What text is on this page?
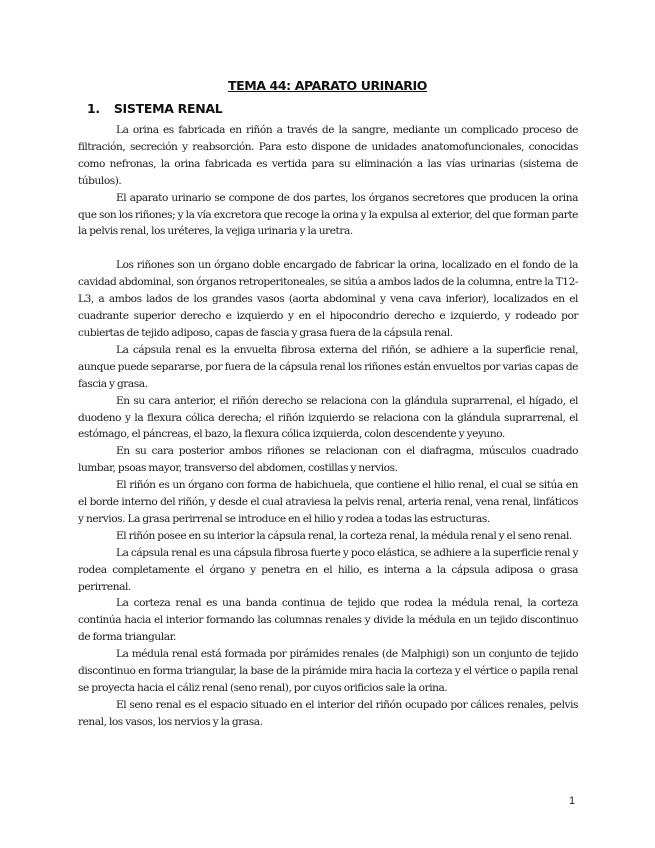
TEMA 44: APARATO URINARIO
1. SISTEMA RENAL

La orina es fabricada en riñón a través de la sangre, mediante un complicado proceso de filtración, secreción y reabsorción. Para esto dispone de unidades anatomofuncionales, conocidas como nefronas, la orina fabricada es vertida para su eliminación a las vías urinarias (sistema de túbulos).

El aparato urinario se compone de dos partes, los órganos secretores que producen la orina que son los riñones; y la vía excretora que recoge la orina y la expulsa al exterior, del que forman parte la pelvis renal, los uréteres, la vejiga urinaria y la uretra.

Los riñones son un órgano doble encargado de fabricar la orina, localizado en el fondo de la cavidad abdominal, son órganos retroperitoneales, se sitúa a ambos lados de la columna, entre la T12-L3, a ambos lados de los grandes vasos (aorta abdominal y vena cava inferior), localizados en el cuadrante superior derecho e izquierdo y en el hipocondrio derecho e izquierdo, y rodeado por cubiertas de tejido adiposo, capas de fascia y grasa fuera de la cápsula renal.

La cápsula renal es la envuelta fibrosa externa del riñón, se adhiere a la superficie renal, aunque puede separarse, por fuera de la cápsula renal los riñones están envueltos por varias capas de fascia y grasa.

En su cara anterior, el riñón derecho se relaciona con la glándula suprarrenal, el hígado, el duodeno y la flexura cólica derecha; el riñón izquierdo se relaciona con la glándula suprarrenal, el estómago, el páncreas, el bazo, la flexura cólica izquierda, colon descendente y yeyuno.

En su cara posterior ambos riñones se relacionan con el diafragma, músculos cuadrado lumbar, psoas mayor, transverso del abdomen, costillas y nervios.

El riñón es un órgano con forma de habichuela, que contiene el hilio renal, el cual se sitúa en el borde interno del riñón, y desde el cual atraviesa la pelvis renal, arteria renal, vena renal, linfáticos y nervios. La grasa perirrenal se introduce en el hilio y rodea a todas las estructuras.

El riñón posee en su interior la cápsula renal, la corteza renal, la médula renal y el seno renal.

La cápsula renal es una cápsula fibrosa fuerte y poco elástica, se adhiere a la superficie renal y rodea completamente el órgano y penetra en el hilio, es interna a la cápsula adiposa o grasa perirrenal.

La corteza renal es una banda continua de tejido que rodea la médula renal, la corteza continúa hacia el interior formando las columnas renales y divide la médula en un tejido discontinuo de forma triangular.

La médula renal está formada por pirámides renales (de Malphigi) son un conjunto de tejido discontinuo en forma triangular, la base de la pirámide mira hacia la corteza y el vértice o papila renal se proyecta hacia el cáliz renal (seno renal), por cuyos orificios sale la orina.

El seno renal es el espacio situado en el interior del riñón ocupado por cálices renales, pelvis renal, los vasos, los nervios y la grasa.

1
